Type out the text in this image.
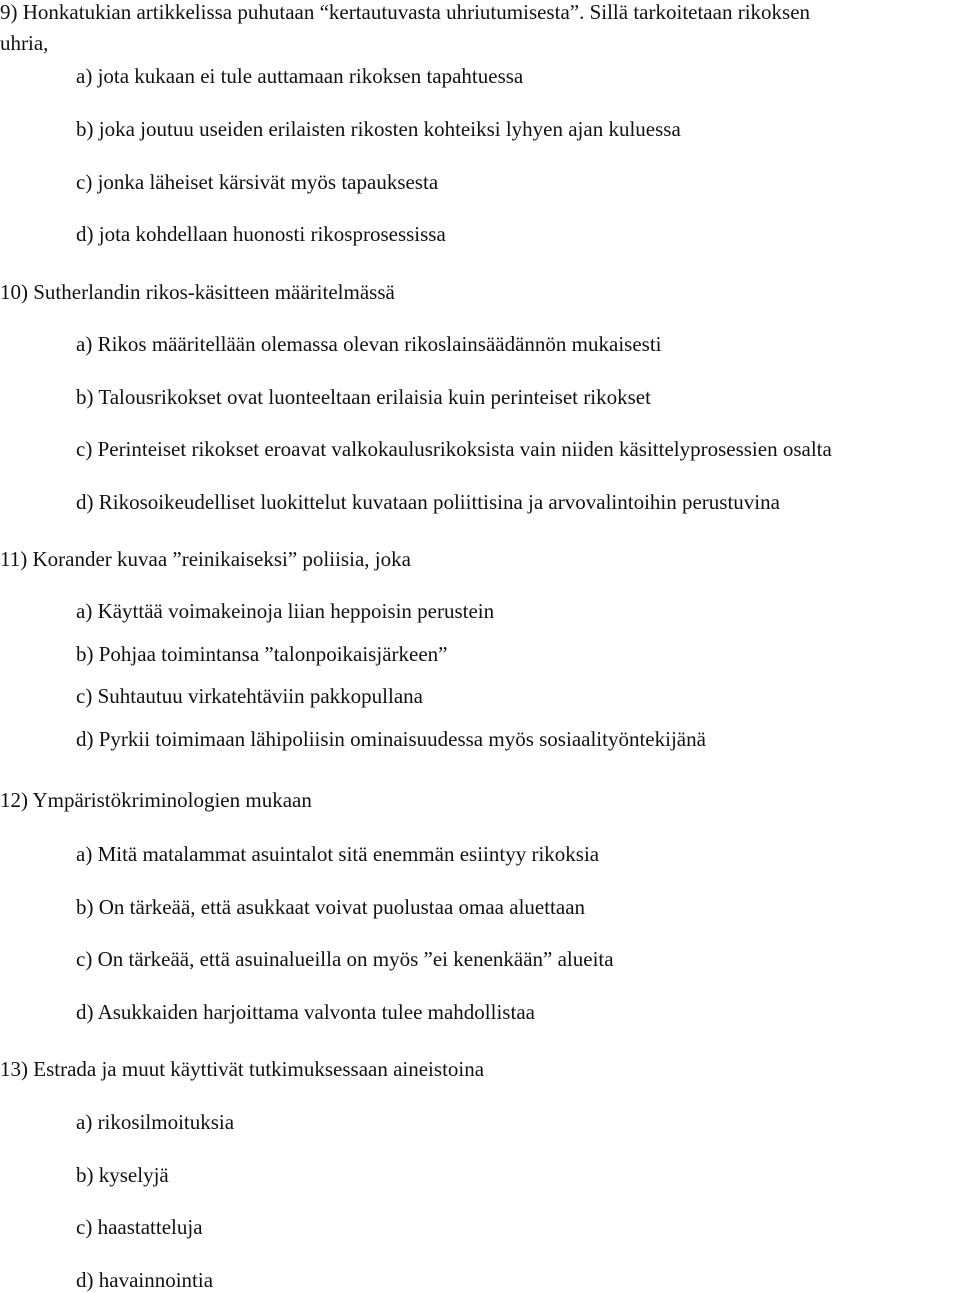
9) Honkatukian artikkelissa puhutaan “kertautuvasta uhriutumisesta”. Sillä tarkoitetaan rikoksen
uhria,
a) jota kukaan ei tule auttamaan rikoksen tapahtuessa
b) joka joutuu useiden erilaisten rikosten kohteiksi lyhyen ajan kuluessa
c) jonka läheiset kärsivät myös tapauksesta
d) jota kohdellaan huonosti rikosprosessissa
10) Sutherlandin rikos-käsitteen määritelmässä
a) Rikos määritellään olemassa olevan rikoslainsäädännön mukaisesti
b) Talousrikokset ovat luonteeltaan erilaisia kuin perinteiset rikokset
c) Perinteiset rikokset eroavat valkokaulusrikoksista vain niiden käsittelyprosessien osalta
d) Rikosoikeudelliset luokittelut kuvataan poliittisina ja arvovalintoihin perustuvina
11) Korander kuvaa ”reinikaiseksi” poliisia, joka
a) Käyttää voimakeinoja liian heppoisin perustein
b) Pohjaa toimintansa ”talonpoikaisjärkeen”
c) Suhtautuu virkatehtäviin pakkopullana
d) Pyrkii toimimaan lähipoliisin ominaisuudessa myös sosiaalityöntekijänä
12) Ympäristökriminologien mukaan
a) Mitä matalammat asuintalot sitä enemmän esiintyy rikoksia
b) On tärkeää, että asukkaat voivat puolustaa omaa aluettaan
c) On tärkeää, että asuinalueilla on myös ”ei kenenkään” alueita
d) Asukkaiden harjoittama valvonta tulee mahdollistaa
13) Estrada ja muut käyttivät tutkimuksessaan aineistoina
a) rikosilmoituksia
b) kyselyjä
c) haastatteluja
d) havainnointia
